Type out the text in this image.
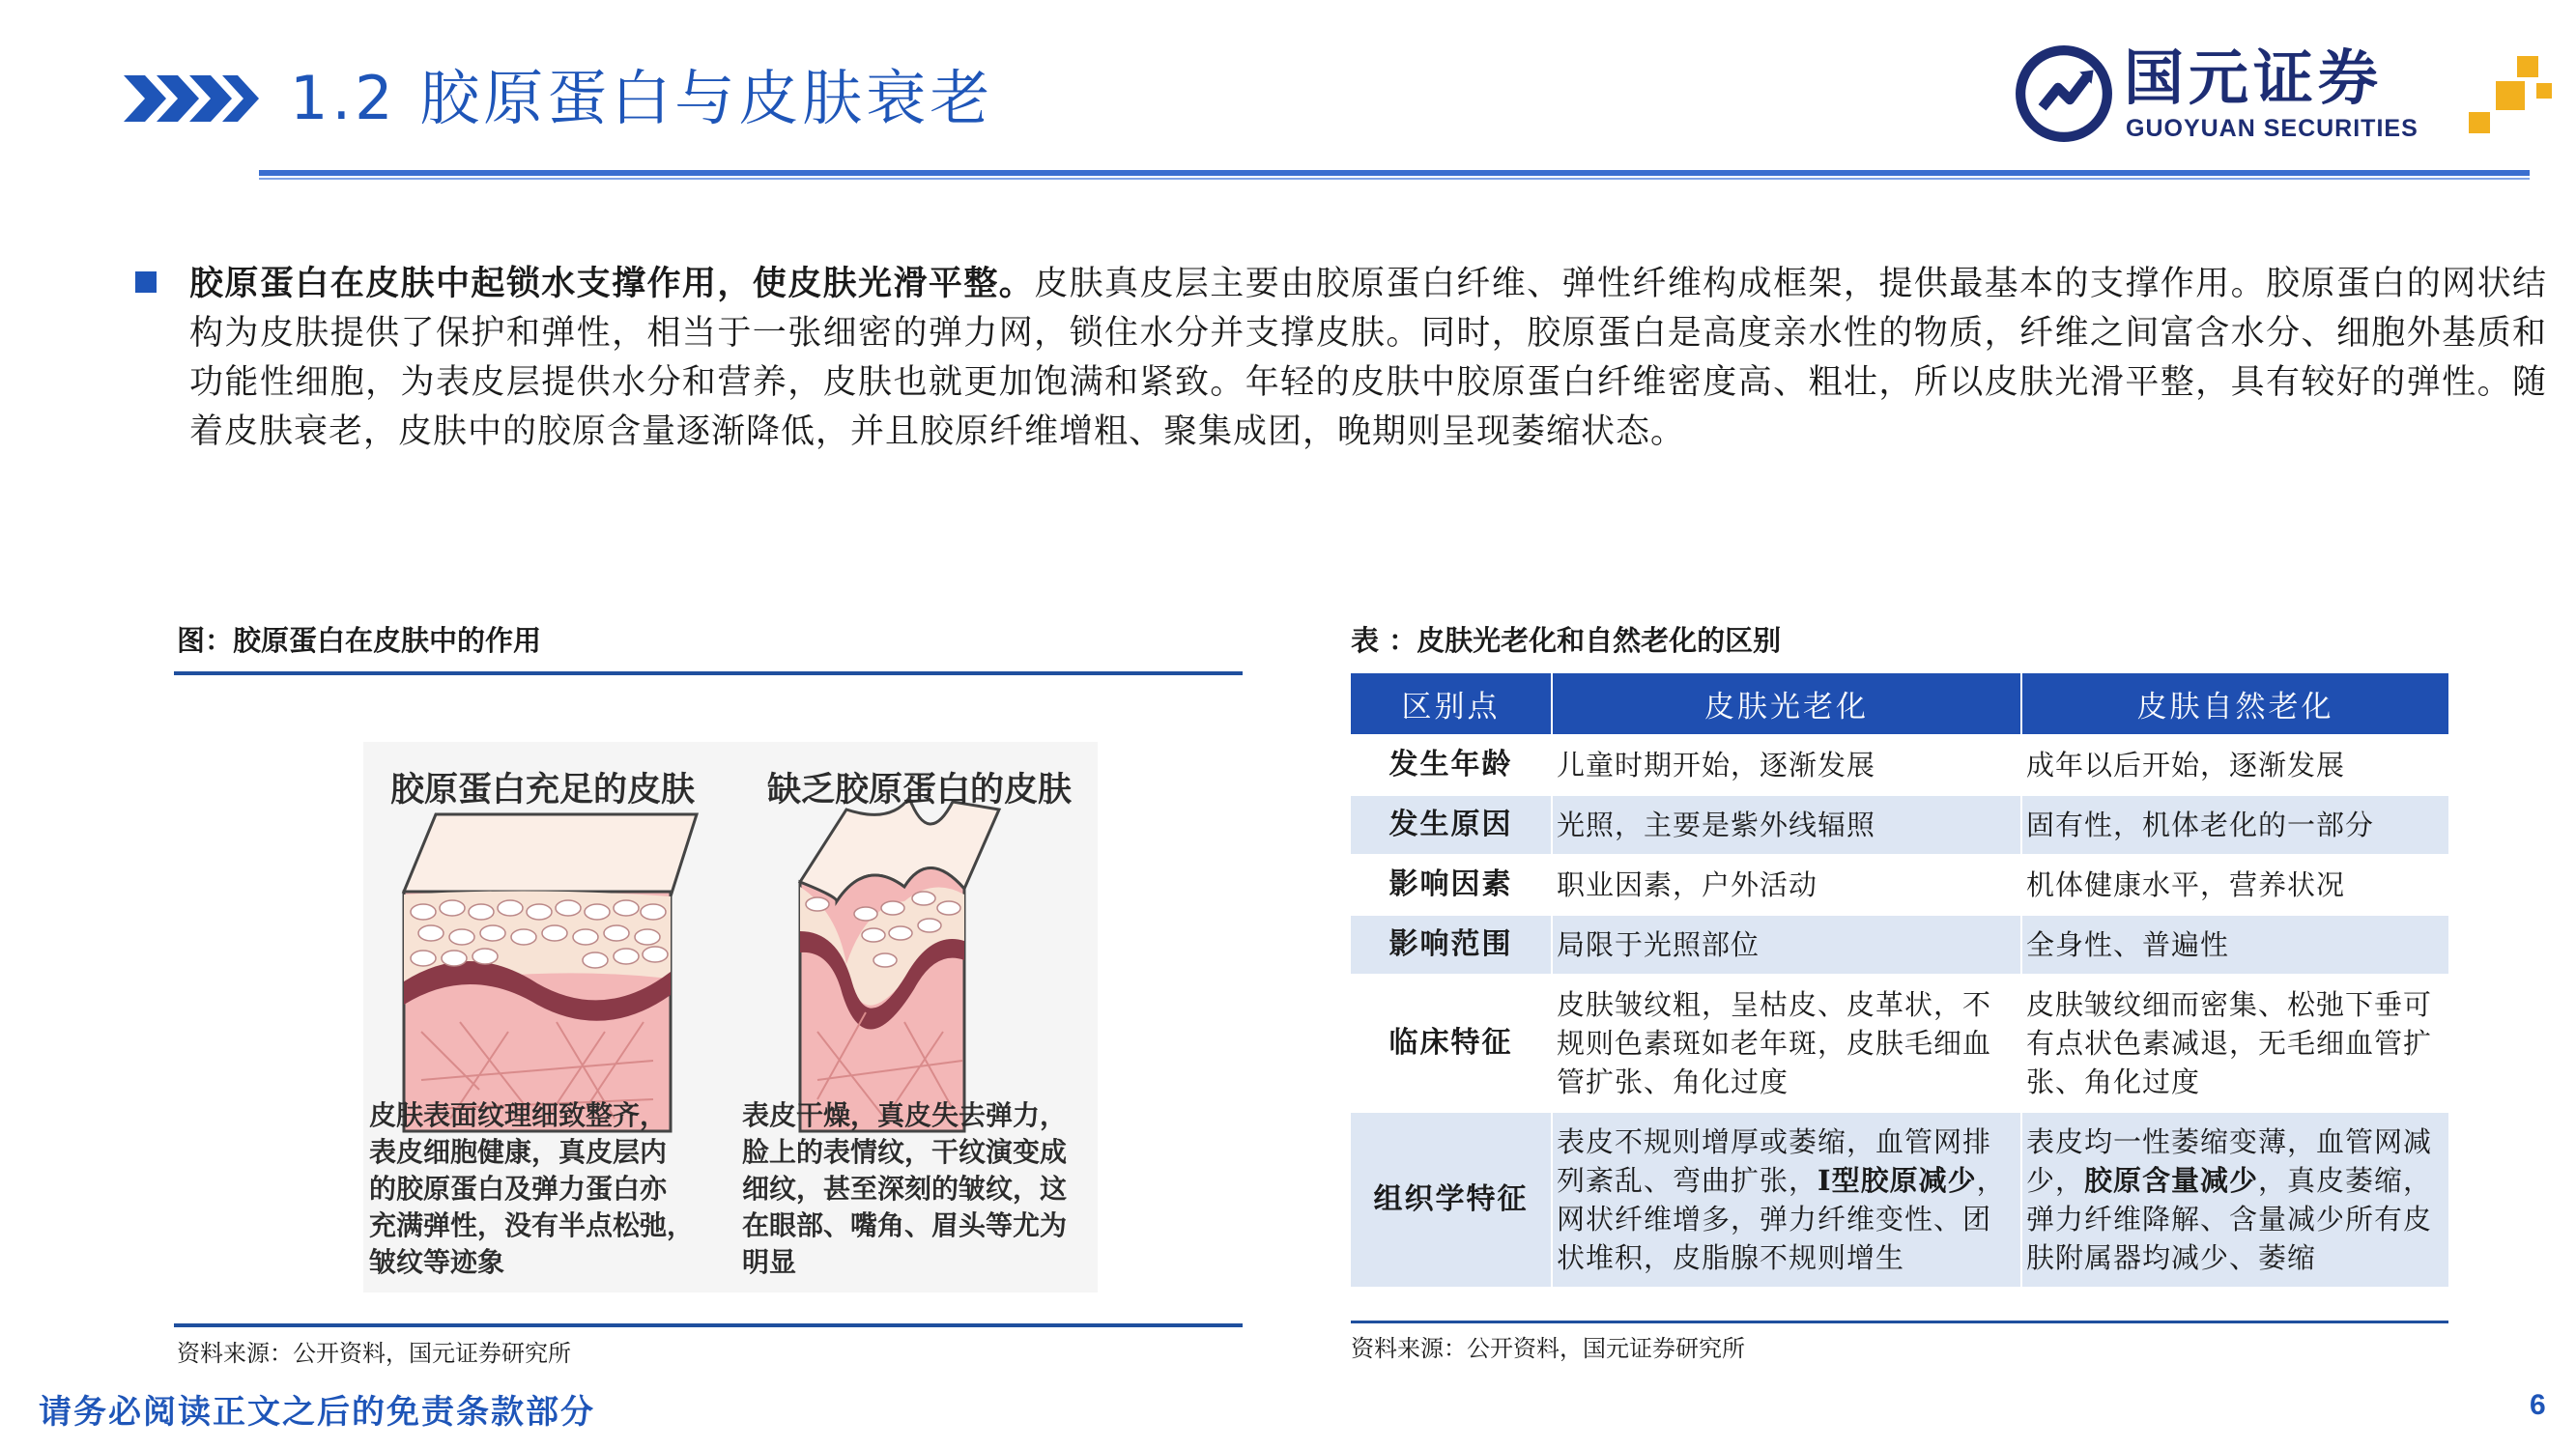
1.2 胶原蛋白与皮肤衰老	国元证券
GUOYUAN SECURITIES
胶原蛋白在皮肤中起锁水支撑作用，使皮肤光滑平整。皮肤真皮层主要由胶原蛋白纤维、弹性纤维构成框架，提供最基本的支撑作用。胶原蛋白的网状结构为皮肤提供了保护和弹性，相当于一张细密的弹力网，锁住水分并支撑皮肤。同时，胶原蛋白是高度亲水性的物质，纤维之间富含水分、细胞外基质和功能性细胞，为表皮层提供水分和营养，皮肤也就更加饱满和紧致。年轻的皮肤中胶原蛋白纤维密度高、粗壮，所以皮肤光滑平整，具有较好的弹性。随着皮肤衰老，皮肤中的胶原含量逐渐降低，并且胶原纤维增粗、聚集成团，晚期则呈现萎缩状态。
图：胶原蛋白在皮肤中的作用
胶原蛋白充足的皮肤 缺乏胶原蛋白的皮肤
皮肤表面纹理细致整齐，
表皮细胞健康，真皮层内
的胶原蛋白及弹力蛋白亦
充满弹性，没有半点松弛，
皱纹等迹象
表皮干燥，真皮失去弹力，
脸上的表情纹，干纹演变成
细纹，甚至深刻的皱纹，这
在眼部、嘴角、眉头等尤为
明显
资料来源：公开资料，国元证券研究所
表 ：皮肤光老化和自然老化的区别
区别点	皮肤光老化	皮肤自然老化
发生年龄	儿童时期开始，逐渐发展	成年以后开始，逐渐发展
发生原因	光照，主要是紫外线辐照	固有性，机体老化的一部分
影响因素	职业因素，户外活动	机体健康水平，营养状况
影响范围	局限于光照部位	全身性、普遍性
临床特征	皮肤皱纹粗，呈枯皮、皮革状，不规则色素斑如老年斑，皮肤毛细血管扩张、角化过度	皮肤皱纹细而密集、松弛下垂可有点状色素减退，无毛细血管扩张、角化过度
组织学特征	表皮不规则增厚或萎缩，血管网排列紊乱、弯曲扩张，Ⅰ型胶原减少，网状纤维增多，弹力纤维变性、团状堆积，皮脂腺不规则增生	表皮均一性萎缩变薄，血管网减少，胶原含量减少，真皮萎缩，弹力纤维降解、含量减少所有皮肤附属器均减少、萎缩
资料来源：公开资料，国元证券研究所
请务必阅读正文之后的免责条款部分	6
